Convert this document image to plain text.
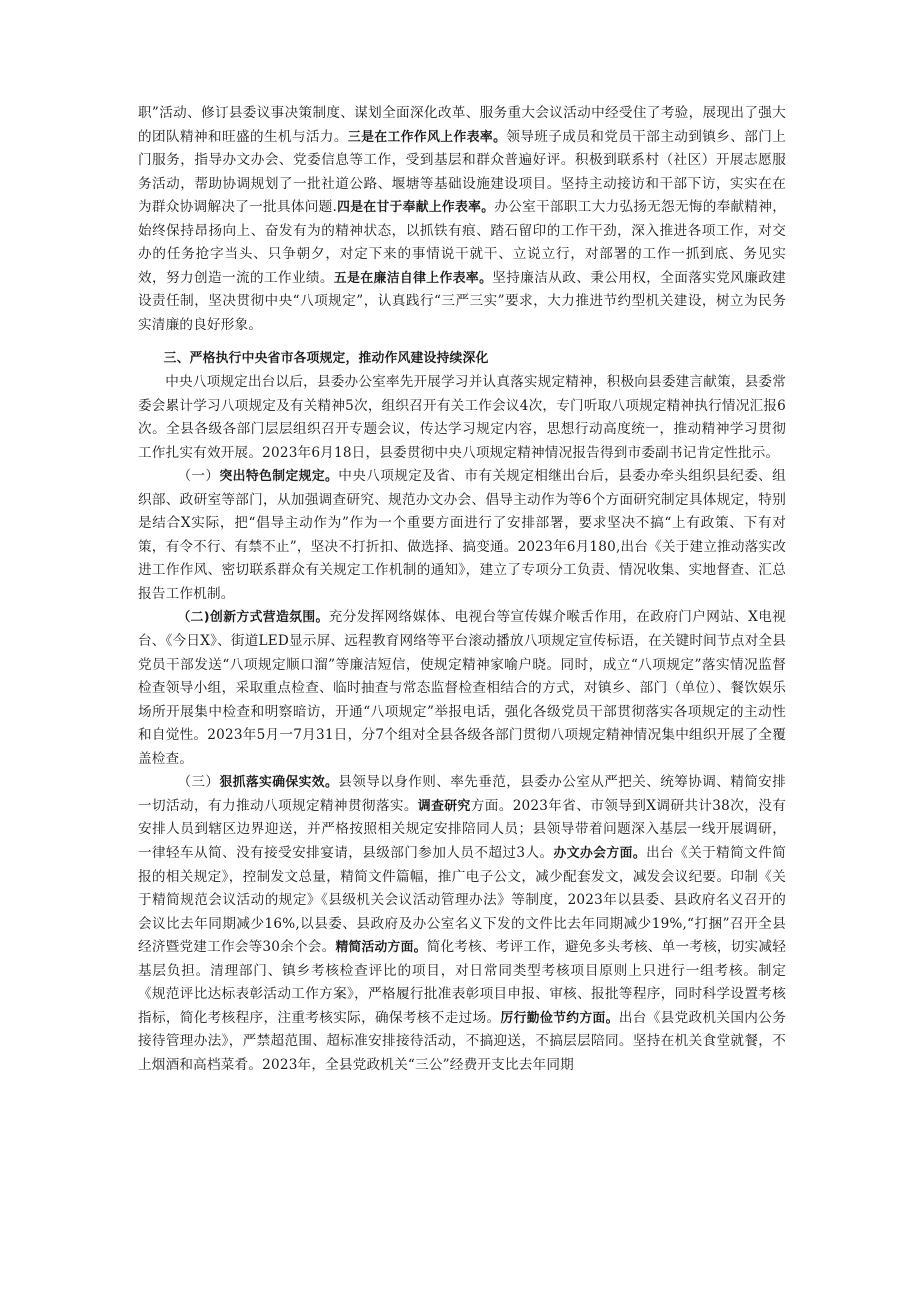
职”活动、修订县委议事决策制度、谋划全面深化改革、服务重大会议活动中经受住了考验，展现出了强大的团队精神和旺盛的生机与活力。三是在工作作风上作表率。领导班子成员和党员干部主动到镇乡、部门上门服务，指导办文办会、党委信息等工作，受到基层和群众普遍好评。积极到联系村（社区）开展志愿服务活动，帮助协调规划了一批社道公路、堰塘等基础设施建设项目。坚持主动接访和干部下访，实实在在为群众协调解决了一批具体问题.四是在甘于奉献上作表率。办公室干部职工大力弘扬无怨无悔的奉献精神，始终保持昂扬向上、奋发有为的精神状态，以抓铁有痕、踏石留印的工作干劲，深入推进各项工作，对交办的任务抢字当头、只争朝夕，对定下来的事情说干就干、立说立行，对部署的工作一抓到底、务见实效，努力创造一流的工作业绩。五是在廉洁自律上作表率。坚持廉洁从政、秉公用权，全面落实党风廉政建设责任制，坚决贯彻中央“八项规定”，认真践行“三严三实”要求，大力推进节约型机关建设，树立为民务实清廉的良好形象。

三、严格执行中央省市各项规定，推动作风建设持续深化

中央八项规定出台以后，县委办公室率先开展学习并认真落实规定精神，积极向县委建言献策，县委常委会累计学习八项规定及有关精神5次，组织召开有关工作会议4次，专门听取八项规定精神执行情况汇报6次。全县各级各部门层层组织召开专题会议，传达学习规定内容，思想行动高度统一，推动精神学习贯彻工作扎实有效开展。2023年6月18日，县委贯彻中央八项规定精神情况报告得到市委副书记肯定性批示。

（一）突出特色制定规定。中央八项规定及省、市有关规定相继出台后，县委办牵头组织县纪委、组织部、政研室等部门，从加强调查研究、规范办文办会、倡导主动作为等6个方面研究制定具体规定，特别是结合X实际，把“倡导主动作为”作为一个重要方面进行了安排部署，要求坚决不搞“上有政策、下有对策，有令不行、有禁不止”，坚决不打折扣、做选择、搞变通。2023年6月180,出台《关于建立推动落实改进工作作风、密切联系群众有关规定工作机制的通知》，建立了专项分工负责、情况收集、实地督查、汇总报告工作机制。

（二)创新方式营造氛围。充分发挥网络媒体、电视台等宣传媒介喉舌作用，在政府门户网站、X电视台、《今日X》、街道LED显示屏、远程教育网络等平台滚动播放八项规定宣传标语，在关键时间节点对全县党员干部发送“八项规定顺口溜”等廉洁短信，使规定精神家喻户晓。同时，成立“八项规定”落实情况监督检查领导小组，采取重点检查、临时抽查与常态监督检查相结合的方式，对镇乡、部门（单位）、餐饮娱乐场所开展集中检查和明察暗访，开通“八项规定”举报电话，强化各级党员干部贯彻落实各项规定的主动性和自觉性。2023年5月一7月31日，分7个组对全县各级各部门贯彻八项规定精神情况集中组织开展了全覆盖检查。

（三）狠抓落实确保实效。县领导以身作则、率先垂范，县委办公室从严把关、统筹协调、精简安排一切活动，有力推动八项规定精神贯彻落实。调查研究方面。2023年省、市领导到X调研共计38次，没有安排人员到辖区边界迎送，并严格按照相关规定安排陪同人员；县领导带着问题深入基层一线开展调研，一律轻车从简、没有接受安排宴请，县级部门参加人员不超过3人。办文办会方面。出台《关于精简文件简报的相关规定》，控制发文总量，精简文件篇幅，推广电子公文，减少配套发文，减发会议纪要。印制《关于精简规范会议活动的规定》《县级机关会议活动管理办法》等制度，2023年以县委、县政府名义召开的会议比去年同期减少16%,以县委、县政府及办公室名义下发的文件比去年同期减少19%,“打捆”召开全县经济暨党建工作会等30余个会。精简活动方面。简化考核、考评工作，避免多头考核、单一考核，切实减轻基层负担。清理部门、镇乡考核检查评比的项目，对日常同类型考核项目原则上只进行一组考核。制定《规范评比达标表彰活动工作方案》，严格履行批准表彰项目申报、审核、报批等程序，同时科学设置考核指标，简化考核程序，注重考核实际，确保考核不走过场。厉行勤俭节约方面。出台《县党政机关国内公务接待管理办法》，严禁超范围、超标准安排接待活动，不搞迎送，不搞层层陪同。坚持在机关食堂就餐，不上烟酒和高档菜肴。2023年，全县党政机关“三公”经费开支比去年同期
